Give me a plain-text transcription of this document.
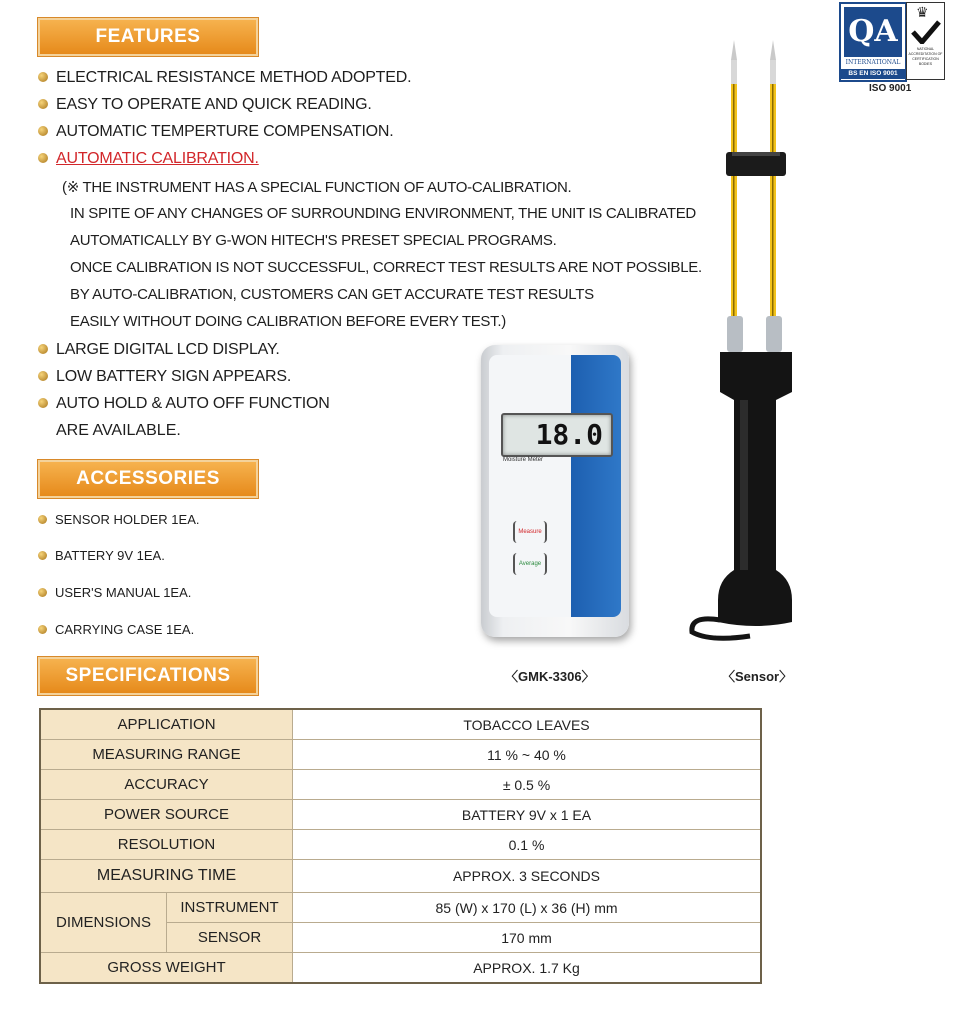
FEATURES
ELECTRICAL RESISTANCE METHOD ADOPTED.
EASY TO OPERATE AND QUICK READING.
AUTOMATIC TEMPERTURE COMPENSATION.
AUTOMATIC CALIBRATION.
(※ THE INSTRUMENT HAS A SPECIAL FUNCTION OF AUTO-CALIBRATION.
IN SPITE OF ANY CHANGES OF SURROUNDING ENVIRONMENT, THE UNIT IS CALIBRATED
AUTOMATICALLY BY G-WON HITECH'S PRESET SPECIAL PROGRAMS.
ONCE CALIBRATION IS NOT SUCCESSFUL, CORRECT TEST RESULTS ARE NOT POSSIBLE.
BY AUTO-CALIBRATION, CUSTOMERS CAN GET ACCURATE TEST RESULTS
EASILY WITHOUT DOING CALIBRATION BEFORE EVERY TEST.)
LARGE DIGITAL LCD DISPLAY.
LOW BATTERY SIGN APPEARS.
AUTO HOLD & AUTO OFF FUNCTION
ARE AVAILABLE.
ACCESSORIES
SENSOR HOLDER 1EA.
BATTERY 9V 1EA.
USER'S MANUAL 1EA.
CARRYING CASE 1EA.
SPECIFICATIONS
18.0
Moisture Meter
Measure
Average
〈GMK-3306〉	〈Sensor〉
QA
INTERNATIONAL
BS EN ISO 9001
♛
NATIONAL ACCREDITATION OF CERTIFICATION BODIES
ISO 9001
APPLICATION		TOBACCO LEAVES
MEASURING RANGE		11 % ~ 40 %
ACCURACY		± 0.5 %
POWER SOURCE		BATTERY 9V x 1 EA
RESOLUTION		0.1 %
MEASURING TIME		APPROX. 3 SECONDS
DIMENSIONS	INSTRUMENT	85 (W) x 170 (L) x 36 (H) mm
	SENSOR	170 mm
GROSS WEIGHT		APPROX. 1.7 Kg
